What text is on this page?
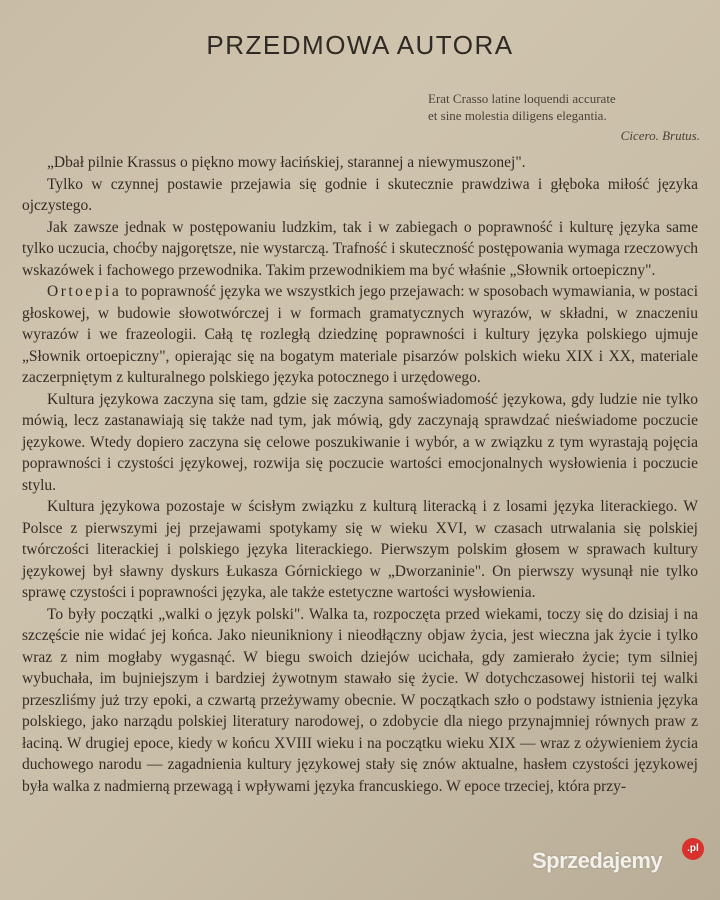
PRZEDMOWA AUTORA
Erat Crasso latine loquendi accurate
et sine molestia diligens elegantia.
Cicero. Brutus.

„Dbał pilnie Krassus o piękno mowy łacińskiej, starannej a niewymuszonej".

Tylko w czynnej postawie przejawia się godnie i skutecznie prawdziwa i głęboka miłość języka ojczystego.

Jak zawsze jednak w postępowaniu ludzkim, tak i w zabiegach o poprawność i kulturę języka same tylko uczucia, choćby najgorętsze, nie wystarczą. Trafność i skuteczność postępowania wymaga rzeczowych wskazówek i fachowego przewodnika. Takim przewodnikiem ma być właśnie „Słownik ortoepiczny".

Ortoepia to poprawność języka we wszystkich jego przejawach: w sposobach wymawiania, w postaci głoskowej, w budowie słowotwórczej i w formach gramatycznych wyrazów, w składni, w znaczeniu wyrazów i we frazeologii. Całą tę rozległą dziedzinę poprawności i kultury języka polskiego ujmuje „Słownik ortoepiczny", opierając się na bogatym materiale pisarzów polskich wieku XIX i XX, materiale zaczerpniętym z kulturalnego polskiego języka potocznego i urzędowego.

Kultura językowa zaczyna się tam, gdzie się zaczyna samoświadomość językowa, gdy ludzie nie tylko mówią, lecz zastanawiają się także nad tym, jak mówią, gdy zaczynają sprawdzać nieświadome poczucie językowe. Wtedy dopiero zaczyna się celowe poszukiwanie i wybór, a w związku z tym wyrastają pojęcia poprawności i czystości językowej, rozwija się poczucie wartości emocjonalnych wysłowienia i poczucie stylu.

Kultura językowa pozostaje w ścisłym związku z kulturą literacką i z losami języka literackiego. W Polsce z pierwszymi jej przejawami spotykamy się w wieku XVI, w czasach utrwalania się polskiej twórczości literackiej i polskiego języka literackiego. Pierwszym polskim głosem w sprawach kultury językowej był sławny dyskurs Łukasza Górnickiego w „Dworzaninie". On pierwszy wysunął nie tylko sprawę czystości i poprawności języka, ale także estetyczne wartości wysłowienia.

To były początki „walki o język polski". Walka ta, rozpoczęta przed wiekami, toczy się do dzisiaj i na szczęście nie widać jej końca. Jako nieunikniony i nieodłączny objaw życia, jest wieczna jak życie i tylko wraz z nim mogłaby wygasnąć. W biegu swoich dziejów ucichała, gdy zamierało życie; tym silniej wybuchała, im bujniejszym i bardziej żywotnym stawało się życie. W dotychczasowej historii tej walki przeszliśmy już trzy epoki, a czwartą przeżywamy obecnie. W początkach szło o podstawy istnienia języka polskiego, jako narządu polskiej literatury narodowej, o zdobycie dla niego przynajmniej równych praw z łaciną. W drugiej epoce, kiedy w końcu XVIII wieku i na początku wieku XIX — wraz z ożywieniem życia duchowego narodu — zagadnienia kultury językowej stały się znów aktualne, hasłem czystości językowej była walka z nadmierną przewagą i wpływami języka francuskiego. W epoce trzeciej, która przy-

Sprzedajemy	.pl
